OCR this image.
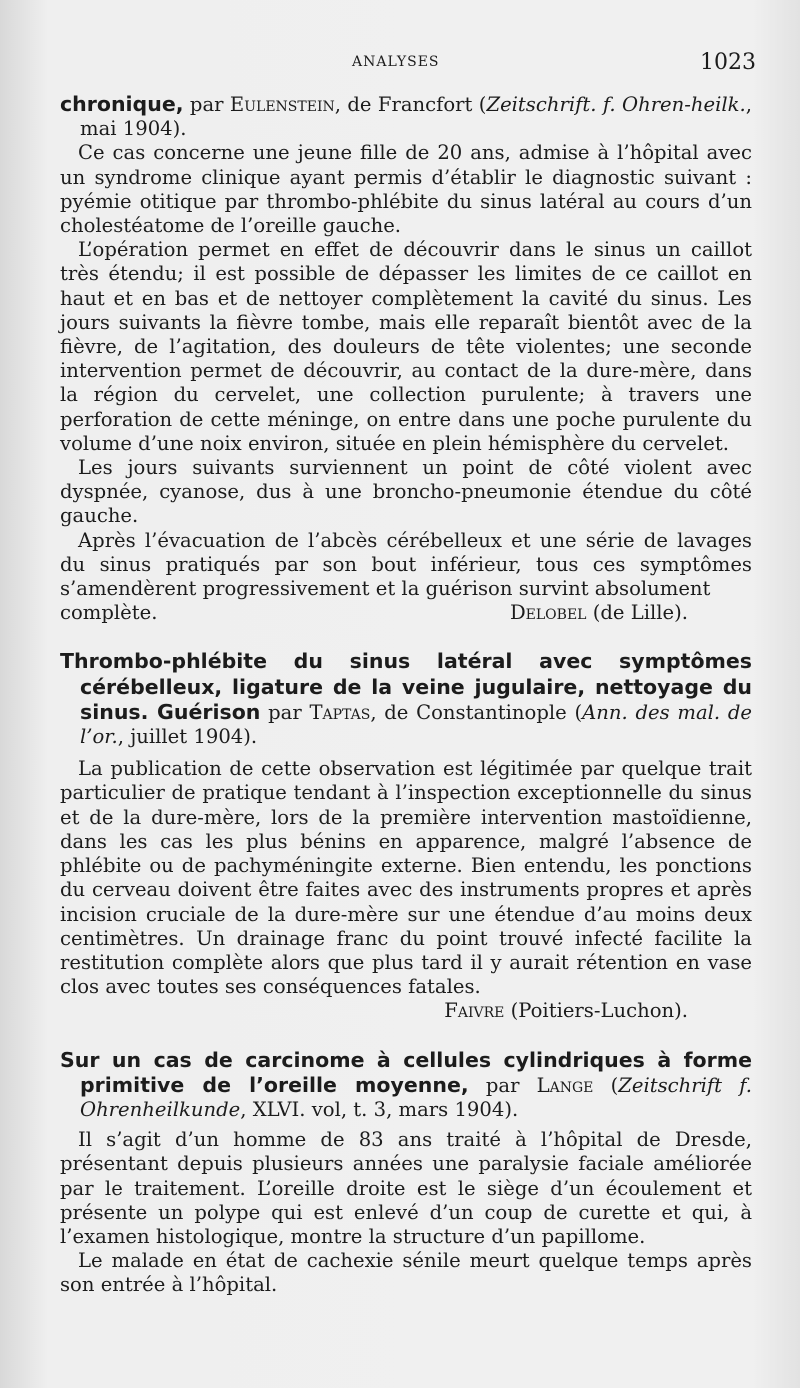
ANALYSES	1023

chronique, par Eulenstein, de Francfort (Zeitschrift. f. Ohren-heilk., mai 1904).

Ce cas concerne une jeune fille de 20 ans, admise à l’hôpital avec un syndrome clinique ayant permis d’établir le diagnostic suivant : pyémie otitique par thrombo-phlébite du sinus latéral au cours d’un cholestéatome de l’oreille gauche.

L’opération permet en effet de découvrir dans le sinus un caillot très étendu; il est possible de dépasser les limites de ce caillot en haut et en bas et de nettoyer complètement la cavité du sinus. Les jours suivants la fièvre tombe, mais elle reparaît bientôt avec de la fièvre, de l’agitation, des douleurs de tête violentes; une seconde intervention permet de découvrir, au contact de la dure-mère, dans la région du cervelet, une collection purulente; à travers une perforation de cette méninge, on entre dans une poche purulente du volume d’une noix environ, située en plein hémisphère du cervelet.

Les jours suivants surviennent un point de côté violent avec dyspnée, cyanose, dus à une broncho-pneumonie étendue du côté gauche.

Après l’évacuation de l’abcès cérébelleux et une série de lavages du sinus pratiqués par son bout inférieur, tous ces symptômes s’amendèrent progressivement et la guérison survint absolument

complète.	Delobel (de Lille).

Thrombo-phlébite du sinus latéral avec symptômes cérébelleux, ligature de la veine jugulaire, nettoyage du sinus. Guérison par Taptas, de Constantinople (Ann. des mal. de l’or., juillet 1904).

La publication de cette observation est légitimée par quelque trait particulier de pratique tendant à l’inspection exceptionnelle du sinus et de la dure-mère, lors de la première intervention mastoïdienne, dans les cas les plus bénins en apparence, malgré l’absence de phlébite ou de pachyméningite externe. Bien entendu, les ponctions du cerveau doivent être faites avec des instruments propres et après incision cruciale de la dure-mère sur une étendue d’au moins deux centimètres. Un drainage franc du point trouvé infecté facilite la restitution complète alors que plus tard il y aurait rétention en vase clos avec toutes ses conséquences fatales.

Faivre (Poitiers-Luchon).

Sur un cas de carcinome à cellules cylindriques à forme primitive de l’oreille moyenne, par Lange (Zeitschrift f. Ohrenheilkunde, XLVI. vol, t. 3, mars 1904).

Il s’agit d’un homme de 83 ans traité à l’hôpital de Dresde, présentant depuis plusieurs années une paralysie faciale améliorée par le traitement. L’oreille droite est le siège d’un écoulement et présente un polype qui est enlevé d’un coup de curette et qui, à l’examen histologique, montre la structure d’un papillome.

Le malade en état de cachexie sénile meurt quelque temps après son entrée à l’hôpital.
